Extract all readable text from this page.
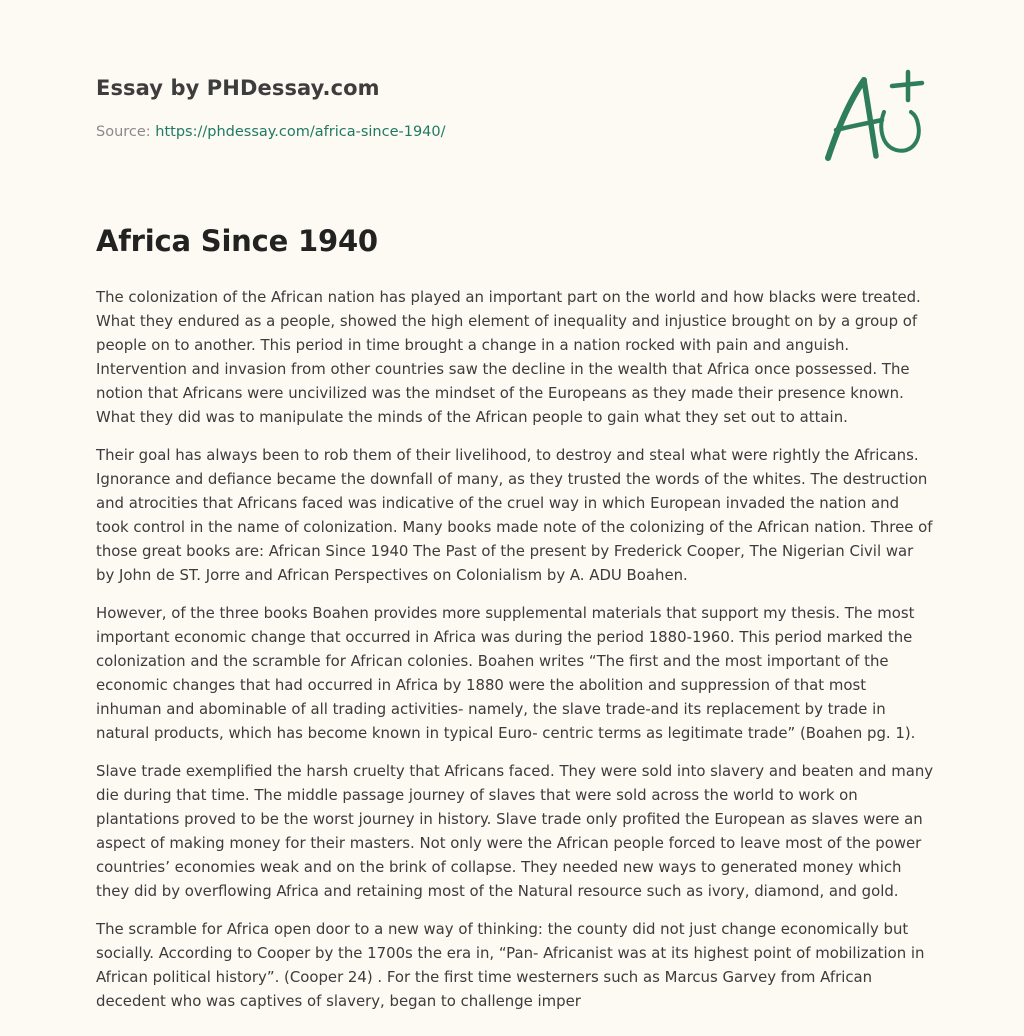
Essay by PHDessay.com
Source: https://phdessay.com/africa-since-1940/
Africa Since 1940

The colonization of the African nation has played an important part on the world and how blacks were treated. What they endured as a people, showed the high element of inequality and injustice brought on by a group of people on to another. This period in time brought a change in a nation rocked with pain and anguish. Intervention and invasion from other countries saw the decline in the wealth that Africa once possessed. The notion that Africans were uncivilized was the mindset of the Europeans as they made their presence known. What they did was to manipulate the minds of the African people to gain what they set out to attain.

Their goal has always been to rob them of their livelihood, to destroy and steal what were rightly the Africans. Ignorance and defiance became the downfall of many, as they trusted the words of the whites. The destruction and atrocities that Africans faced was indicative of the cruel way in which European invaded the nation and took control in the name of colonization. Many books made note of the colonizing of the African nation. Three of those great books are: African Since 1940 The Past of the present by Frederick Cooper, The Nigerian Civil war by John de ST. Jorre and African Perspectives on Colonialism by A. ADU Boahen.

However, of the three books Boahen provides more supplemental materials that support my thesis. The most important economic change that occurred in Africa was during the period 1880-1960. This period marked the colonization and the scramble for African colonies. Boahen writes “The first and the most important of the economic changes that had occurred in Africa by 1880 were the abolition and suppression of that most inhuman and abominable of all trading activities- namely, the slave trade-and its replacement by trade in natural products, which has become known in typical Euro- centric terms as legitimate trade” (Boahen pg. 1).

Slave trade exemplified the harsh cruelty that Africans faced. They were sold into slavery and beaten and many die during that time. The middle passage journey of slaves that were sold across the world to work on plantations proved to be the worst journey in history. Slave trade only profited the European as slaves were an aspect of making money for their masters. Not only were the African people forced to leave most of the power countries’ economies weak and on the brink of collapse. They needed new ways to generated money which they did by overflowing Africa and retaining most of the Natural resource such as ivory, diamond, and gold.

The scramble for Africa open door to a new way of thinking: the county did not just change economically but socially. According to Cooper by the 1700s the era in, “Pan- Africanist was at its highest point of mobilization in African political history”. (Cooper 24) . For the first time westerners such as Marcus Garvey from African decedent who was captives of slavery, began to challenge imper
